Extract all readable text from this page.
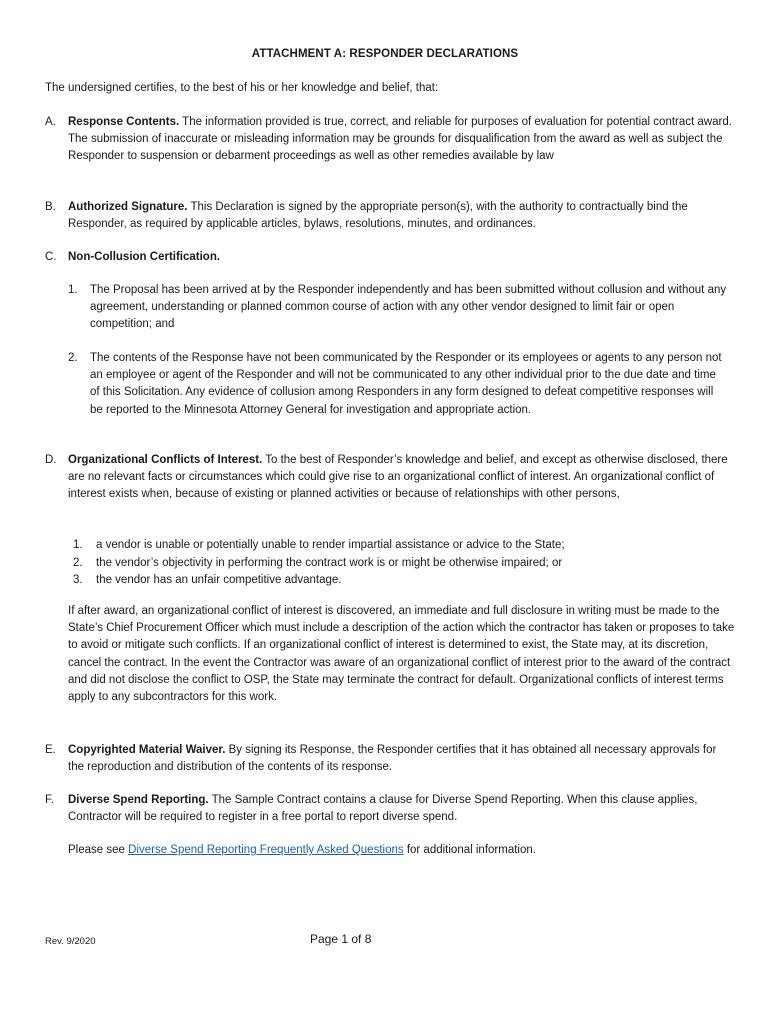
ATTACHMENT A: RESPONDER DECLARATIONS
The undersigned certifies, to the best of his or her knowledge and belief, that:
A.	Response Contents. The information provided is true, correct, and reliable for purposes of evaluation for potential contract award. The submission of inaccurate or misleading information may be grounds for disqualification from the award as well as subject the Responder to suspension or debarment proceedings as well as other remedies available by law
B.	Authorized Signature. This Declaration is signed by the appropriate person(s), with the authority to contractually bind the Responder, as required by applicable articles, bylaws, resolutions, minutes, and ordinances.
C.	Non-Collusion Certification.
1. The Proposal has been arrived at by the Responder independently and has been submitted without collusion and without any agreement, understanding or planned common course of action with any other vendor designed to limit fair or open competition; and
2. The contents of the Response have not been communicated by the Responder or its employees or agents to any person not an employee or agent of the Responder and will not be communicated to any other individual prior to the due date and time of this Solicitation. Any evidence of collusion among Responders in any form designed to defeat competitive responses will be reported to the Minnesota Attorney General for investigation and appropriate action.
D.	Organizational Conflicts of Interest. To the best of Responder’s knowledge and belief, and except as otherwise disclosed, there are no relevant facts or circumstances which could give rise to an organizational conflict of interest. An organizational conflict of interest exists when, because of existing or planned activities or because of relationships with other persons,
1. a vendor is unable or potentially unable to render impartial assistance or advice to the State;
2. the vendor’s objectivity in performing the contract work is or might be otherwise impaired; or
3. the vendor has an unfair competitive advantage.
If after award, an organizational conflict of interest is discovered, an immediate and full disclosure in writing must be made to the State’s Chief Procurement Officer which must include a description of the action which the contractor has taken or proposes to take to avoid or mitigate such conflicts. If an organizational conflict of interest is determined to exist, the State may, at its discretion, cancel the contract. In the event the Contractor was aware of an organizational conflict of interest prior to the award of the contract and did not disclose the conflict to OSP, the State may terminate the contract for default. Organizational conflicts of interest terms apply to any subcontractors for this work.
E.	Copyrighted Material Waiver. By signing its Response, the Responder certifies that it has obtained all necessary approvals for the reproduction and distribution of the contents of its response.
F.	Diverse Spend Reporting. The Sample Contract contains a clause for Diverse Spend Reporting. When this clause applies, Contractor will be required to register in a free portal to report diverse spend.
Please see Diverse Spend Reporting Frequently Asked Questions for additional information.
Rev. 9/2020	Page 1 of 8
